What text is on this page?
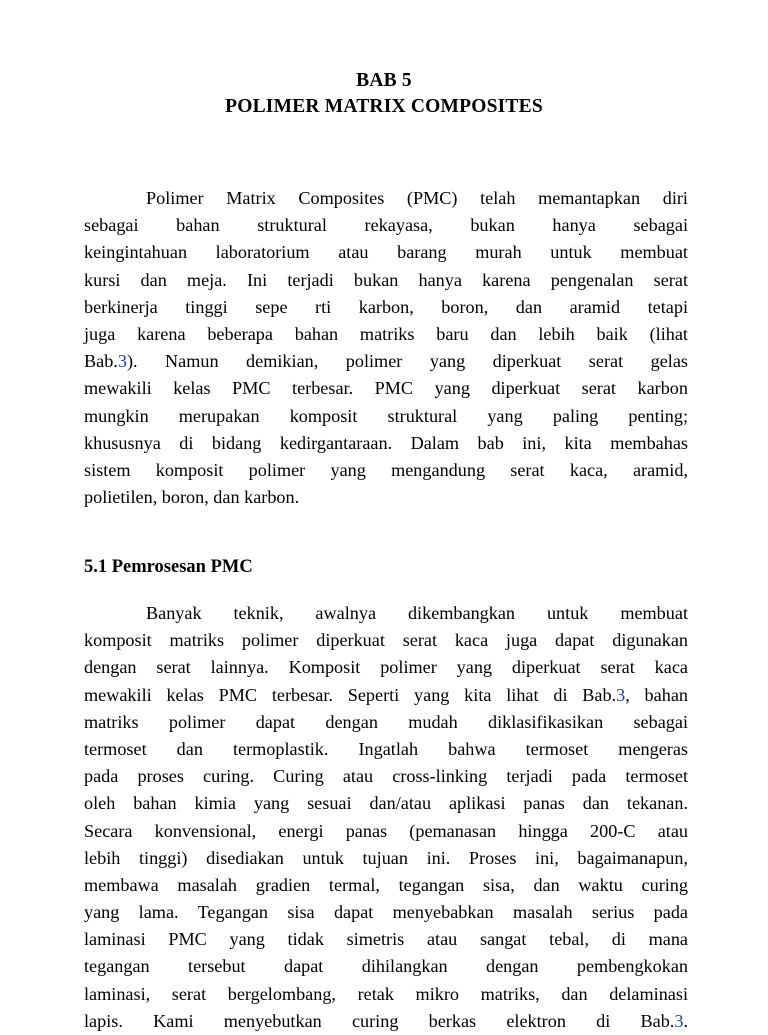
BAB 5
POLIMER MATRIX COMPOSITES
Polimer Matrix Composites (PMC) telah memantapkan diri
sebagai bahan struktural rekayasa, bukan hanya sebagai
keingintahuan laboratorium atau barang murah untuk membuat
kursi dan meja. Ini terjadi bukan hanya karena pengenalan serat
berkinerja tinggi sepe rti karbon, boron, dan aramid tetapi
juga karena beberapa bahan matriks baru dan lebih baik (lihat
Bab.3). Namun demikian, polimer yang diperkuat serat gelas
mewakili kelas PMC terbesar. PMC yang diperkuat serat karbon
mungkin merupakan komposit struktural yang paling penting;
khususnya di bidang kedirgantaraan. Dalam bab ini, kita membahas
sistem komposit polimer yang mengandung serat kaca, aramid,
polietilen, boron, dan karbon.
5.1 Pemrosesan PMC
Banyak teknik, awalnya dikembangkan untuk membuat
komposit matriks polimer diperkuat serat kaca juga dapat digunakan
dengan serat lainnya. Komposit polimer yang diperkuat serat kaca
mewakili kelas PMC terbesar. Seperti yang kita lihat di Bab.3, bahan
matriks polimer dapat dengan mudah diklasifikasikan sebagai
termoset dan termoplastik. Ingatlah bahwa termoset mengeras
pada proses curing. Curing atau cross-linking terjadi pada termoset
oleh bahan kimia yang sesuai dan/atau aplikasi panas dan tekanan.
Secara konvensional, energi panas (pemanasan hingga 200-C atau
lebih tinggi) disediakan untuk tujuan ini. Proses ini, bagaimanapun,
membawa masalah gradien termal, tegangan sisa, dan waktu curing
yang lama. Tegangan sisa dapat menyebabkan masalah serius pada
laminasi PMC yang tidak simetris atau sangat tebal, di mana
tegangan tersebut dapat dihilangkan dengan pembengkokan
laminasi, serat bergelombang, retak mikro matriks, dan delaminasi
lapis. Kami menyebutkan curing berkas elektron di Bab.3.
